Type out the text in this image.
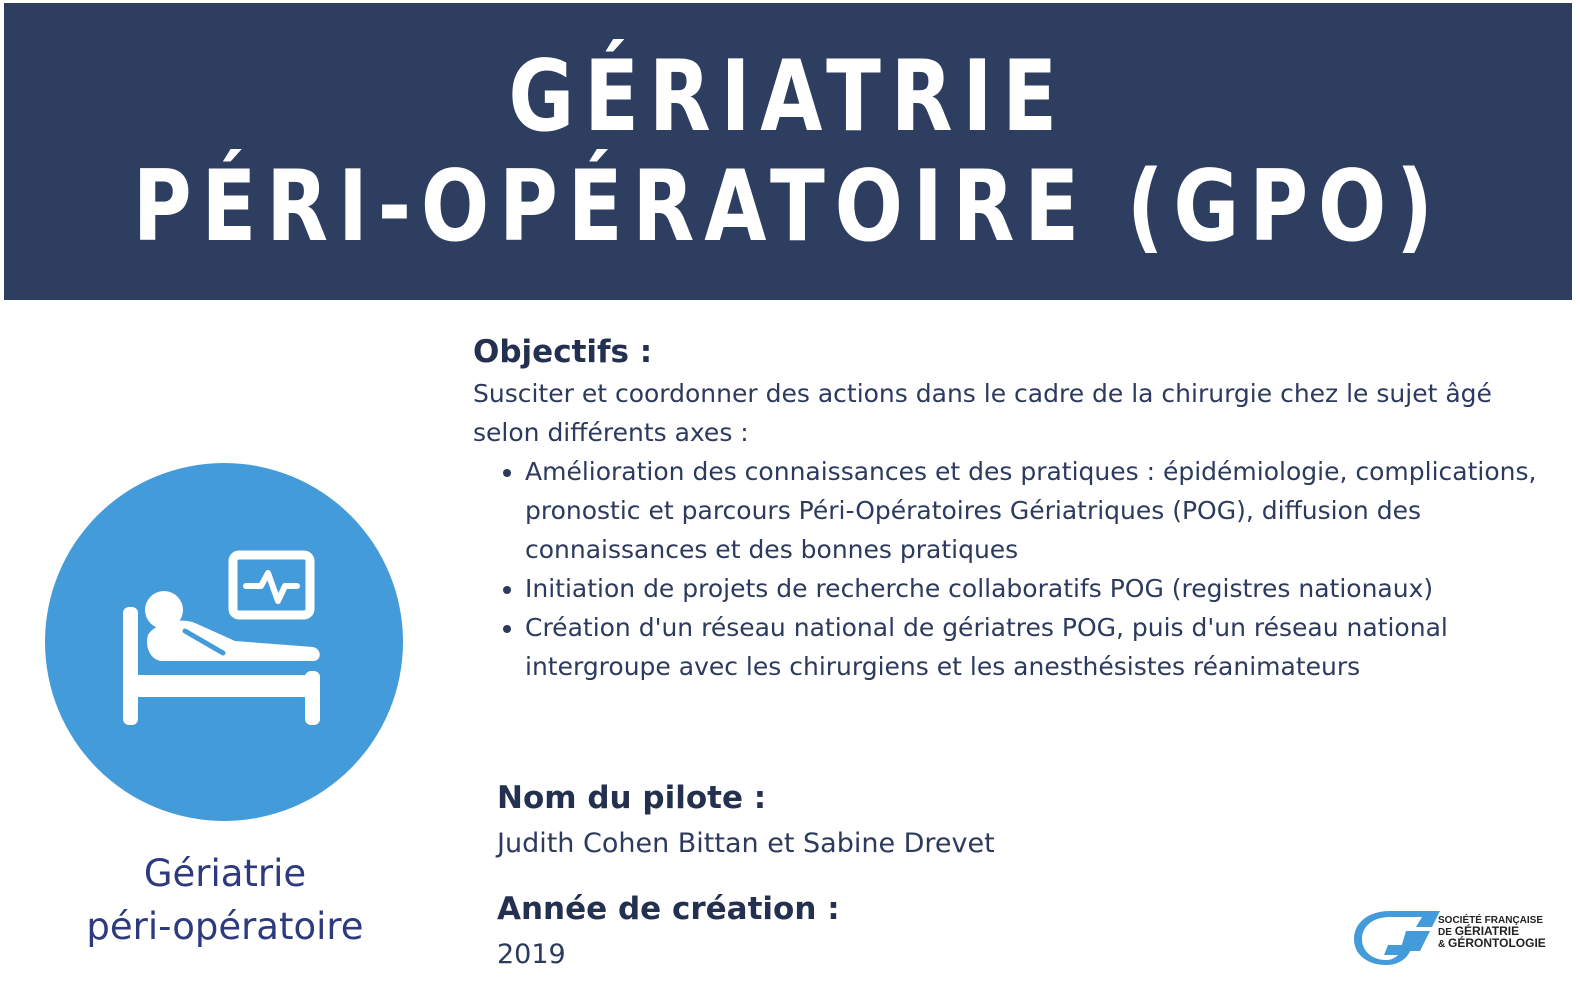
GÉRIATRIE
PÉRI-OPÉRATOIRE (GPO)
Gériatrie
péri-opératoire
Objectifs :

Susciter et coordonner des actions dans le cadre de la chirurgie chez le sujet âgé selon différents axes :

• Amélioration des connaissances et des pratiques : épidémiologie, complications, pronostic et parcours Péri-Opératoires Gériatriques (POG), diffusion des connaissances et des bonnes pratiques
• Initiation de projets de recherche collaboratifs POG (registres nationaux)
• Création d'un réseau national de gériatres POG, puis d'un réseau national intergroupe avec les chirurgiens et les anesthésistes réanimateurs
Nom du pilote :
Judith Cohen Bittan et Sabine Drevet
Année de création :
2019
SOCIÉTÉ FRANÇAISE
DE GÉRIATRIE
& GÉRONTOLOGIE
